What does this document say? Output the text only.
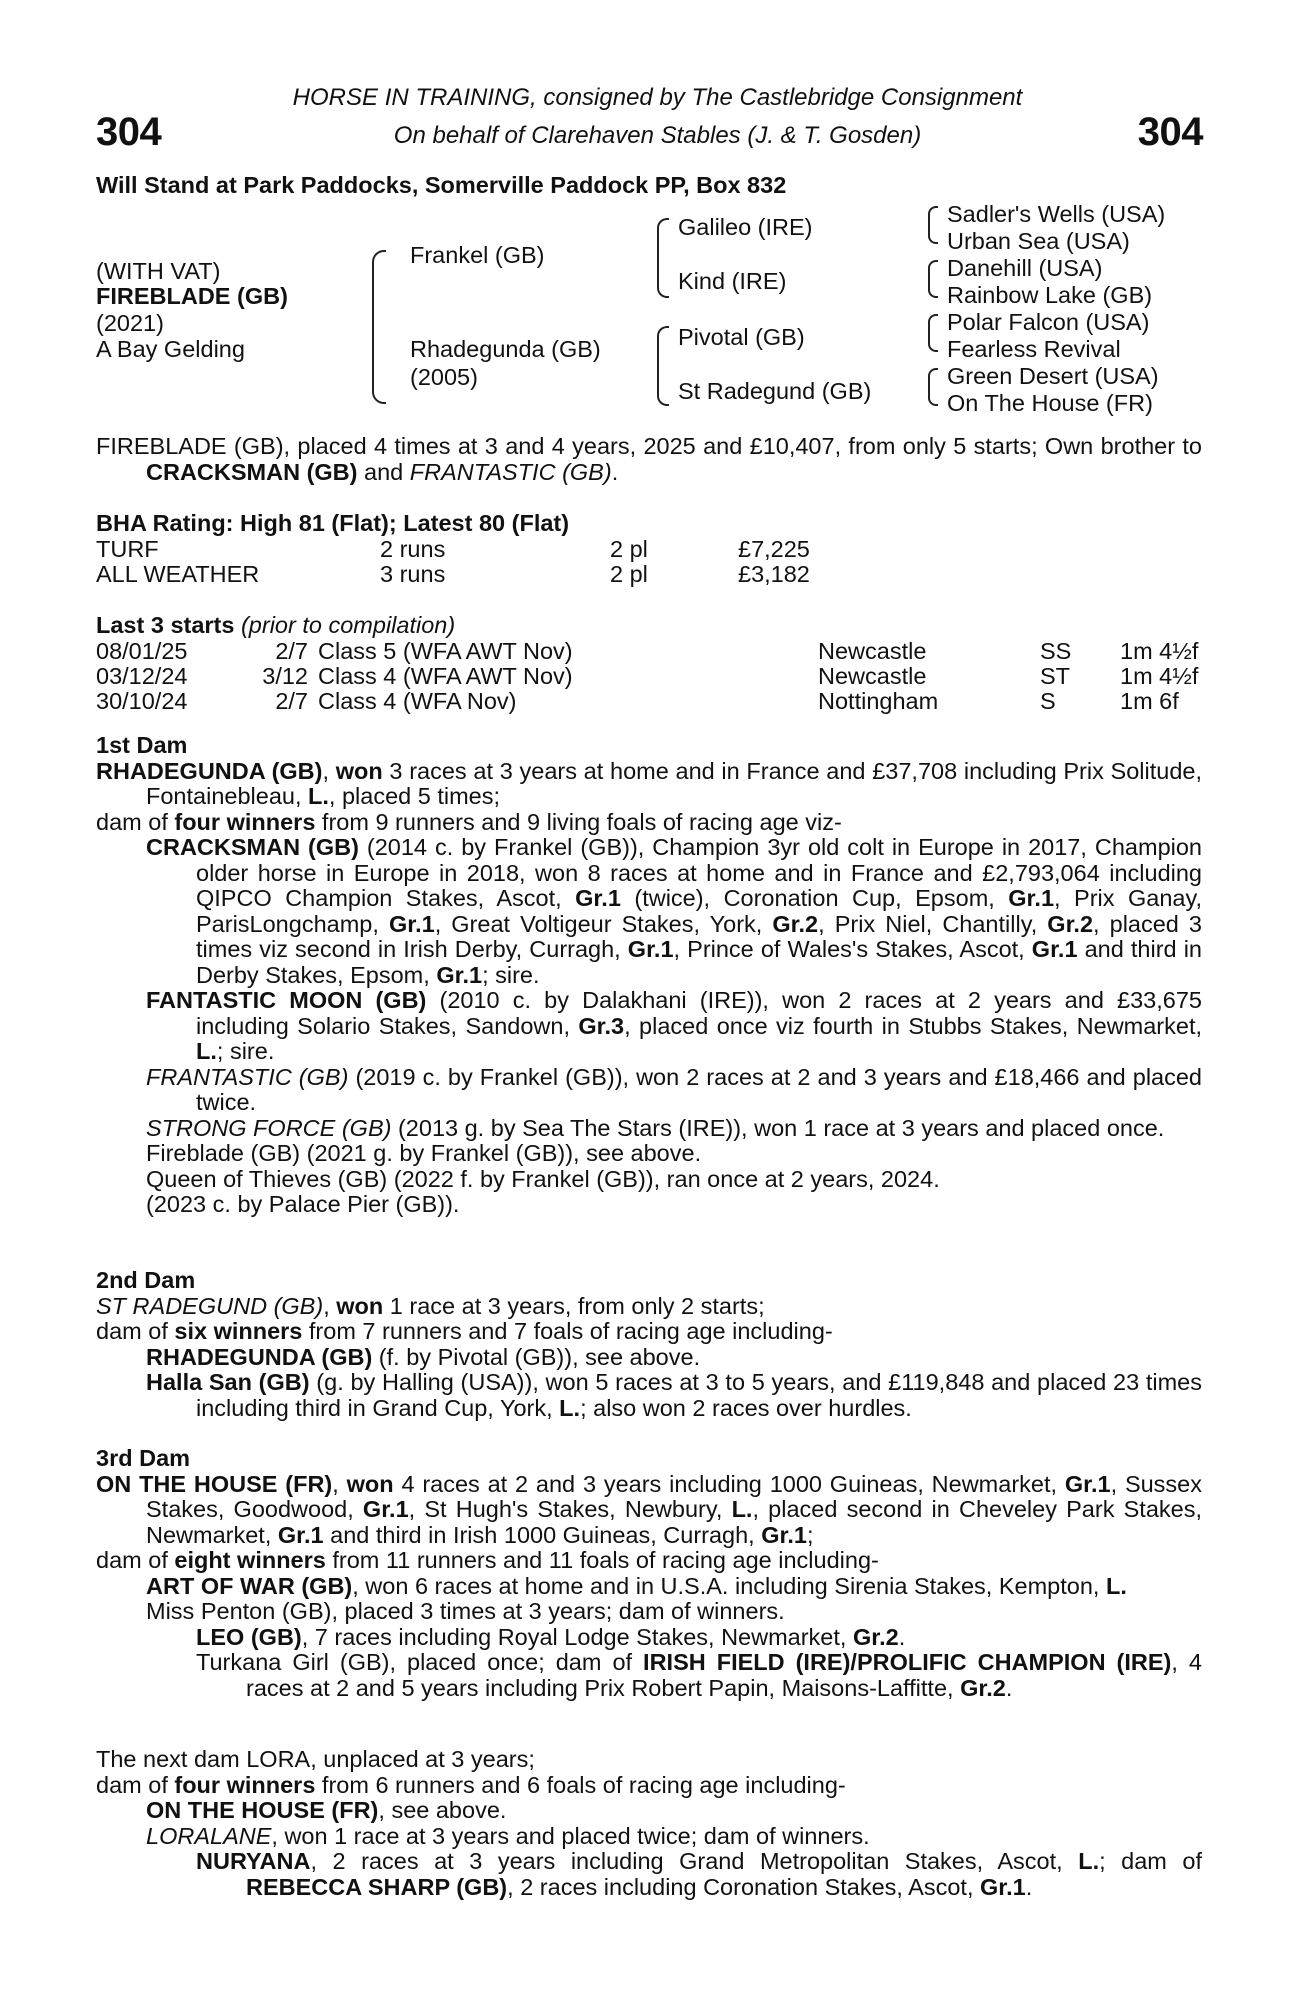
304	304
HORSE IN TRAINING, consigned by The Castlebridge Consignment
On behalf of Clarehaven Stables (J. & T. Gosden)
Will Stand at Park Paddocks, Somerville Paddock PP, Box 832
(WITH VAT)
FIREBLADE (GB)
(2021)
A Bay Gelding
Frankel (GB)
Rhadegunda (GB)
(2005)
Galileo (IRE)
Kind (IRE)
Pivotal (GB)
St Radegund (GB)
Sadler's Wells (USA)
Urban Sea (USA)
Danehill (USA)
Rainbow Lake (GB)
Polar Falcon (USA)
Fearless Revival
Green Desert (USA)
On The House (FR)

FIREBLADE (GB), placed 4 times at 3 and 4 years, 2025 and £10,407, from only 5 starts; Own brother to CRACKSMAN (GB) and FRANTASTIC (GB).

BHA Rating: High 81 (Flat); Latest 80 (Flat)
TURF	2 runs	2 pl	£7,225
ALL WEATHER	3 runs	2 pl	£3,182
Last 3 starts (prior to compilation)
08/01/25	2/7 Class 5 (WFA AWT Nov)	Newcastle	SS 1m 4½f
03/12/24	3/12 Class 4 (WFA AWT Nov)	Newcastle	ST 1m 4½f
30/10/24	2/7 Class 4 (WFA Nov)	Nottingham	S	1m 6f

1st Dam

RHADEGUNDA (GB), won 3 races at 3 years at home and in France and £37,708 including Prix Solitude, Fontainebleau, L., placed 5 times;

dam of four winners from 9 runners and 9 living foals of racing age viz-

CRACKSMAN (GB) (2014 c. by Frankel (GB)), Champion 3yr old colt in Europe in 2017, Champion older horse in Europe in 2018, won 8 races at home and in France and £2,793,064 including QIPCO Champion Stakes, Ascot, Gr.1 (twice), Coronation Cup, Epsom, Gr.1, Prix Ganay, ParisLongchamp, Gr.1, Great Voltigeur Stakes, York, Gr.2, Prix Niel, Chantilly, Gr.2, placed 3 times viz second in Irish Derby, Curragh, Gr.1, Prince of Wales's Stakes, Ascot, Gr.1 and third in Derby Stakes, Epsom, Gr.1; sire.

FANTASTIC MOON (GB) (2010 c. by Dalakhani (IRE)), won 2 races at 2 years and £33,675 including Solario Stakes, Sandown, Gr.3, placed once viz fourth in Stubbs Stakes, Newmarket, L.; sire.

FRANTASTIC (GB) (2019 c. by Frankel (GB)), won 2 races at 2 and 3 years and £18,466 and placed twice.

STRONG FORCE (GB) (2013 g. by Sea The Stars (IRE)), won 1 race at 3 years and placed once.

Fireblade (GB) (2021 g. by Frankel (GB)), see above.

Queen of Thieves (GB) (2022 f. by Frankel (GB)), ran once at 2 years, 2024.

(2023 c. by Palace Pier (GB)).

2nd Dam

ST RADEGUND (GB), won 1 race at 3 years, from only 2 starts;

dam of six winners from 7 runners and 7 foals of racing age including-

RHADEGUNDA (GB) (f. by Pivotal (GB)), see above.

Halla San (GB) (g. by Halling (USA)), won 5 races at 3 to 5 years, and £119,848 and placed 23 times including third in Grand Cup, York, L.; also won 2 races over hurdles.

3rd Dam

ON THE HOUSE (FR), won 4 races at 2 and 3 years including 1000 Guineas, Newmarket, Gr.1, Sussex Stakes, Goodwood, Gr.1, St Hugh's Stakes, Newbury, L., placed second in Cheveley Park Stakes, Newmarket, Gr.1 and third in Irish 1000 Guineas, Curragh, Gr.1;

dam of eight winners from 11 runners and 11 foals of racing age including-

ART OF WAR (GB), won 6 races at home and in U.S.A. including Sirenia Stakes, Kempton, L.

Miss Penton (GB), placed 3 times at 3 years; dam of winners.

LEO (GB), 7 races including Royal Lodge Stakes, Newmarket, Gr.2.

Turkana Girl (GB), placed once; dam of IRISH FIELD (IRE)/PROLIFIC CHAMPION (IRE), 4 races at 2 and 5 years including Prix Robert Papin, Maisons-Laffitte, Gr.2.

The next dam LORA, unplaced at 3 years;

dam of four winners from 6 runners and 6 foals of racing age including-

ON THE HOUSE (FR), see above.

LORALANE, won 1 race at 3 years and placed twice; dam of winners.

NURYANA, 2 races at 3 years including Grand Metropolitan Stakes, Ascot, L.; dam of REBECCA SHARP (GB), 2 races including Coronation Stakes, Ascot, Gr.1.
